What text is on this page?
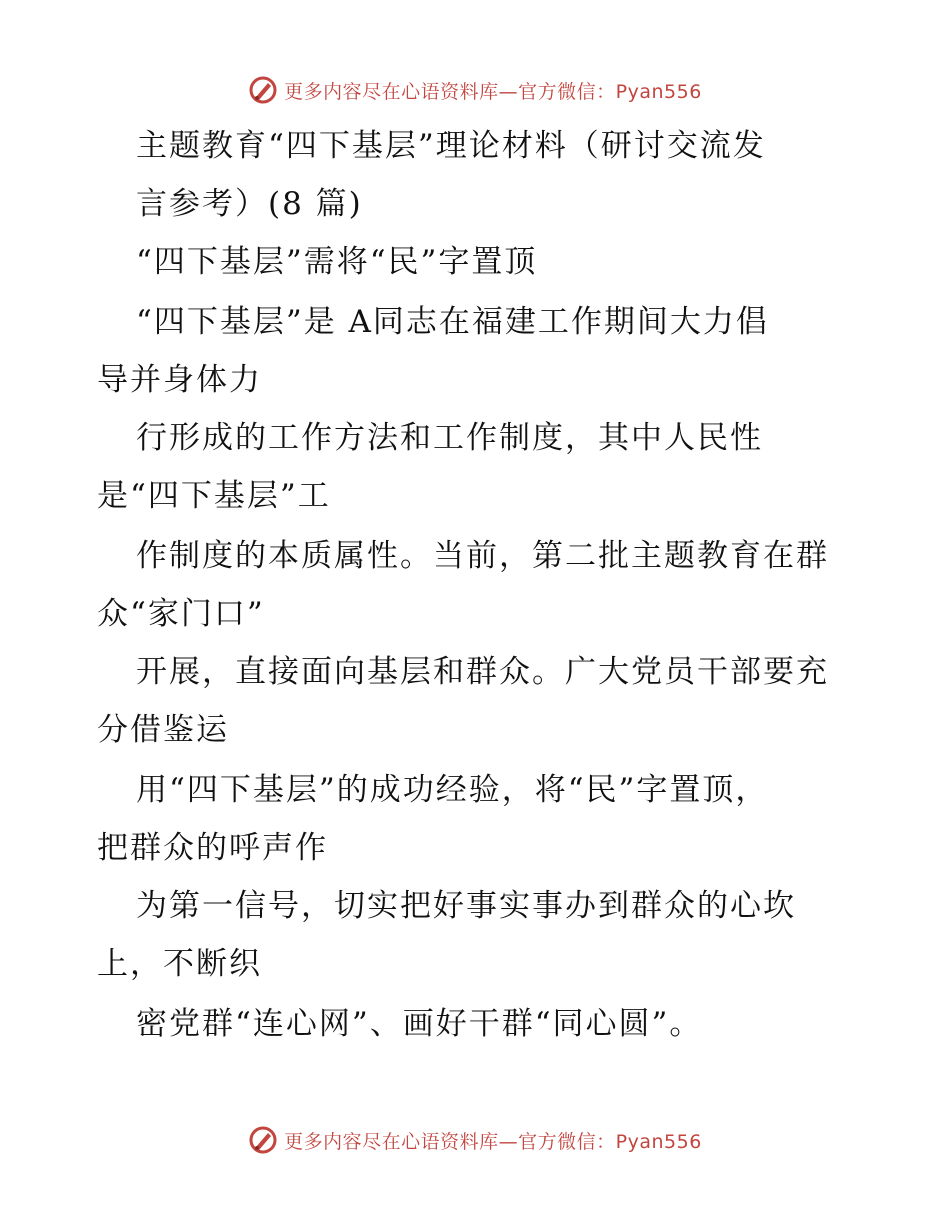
更多内容尽在心语资料库—官方微信：Pyan556

主题教育“四下基层”理论材料（研讨交流发

言参考）(8 篇)

“四下基层”需将“民”字置顶

“四下基层”是 A同志在福建工作期间大力倡

导并身体力

行形成的工作方法和工作制度，其中人民性

是“四下基层”工

作制度的本质属性。当前，第二批主题教育在群

众“家门口”

开展，直接面向基层和群众。广大党员干部要充

分借鉴运

用“四下基层”的成功经验，将“民”字置顶，

把群众的呼声作

为第一信号，切实把好事实事办到群众的心坎

上，不断织

密党群“连心网”、画好干群“同心圆”。

更多内容尽在心语资料库—官方微信：Pyan556
